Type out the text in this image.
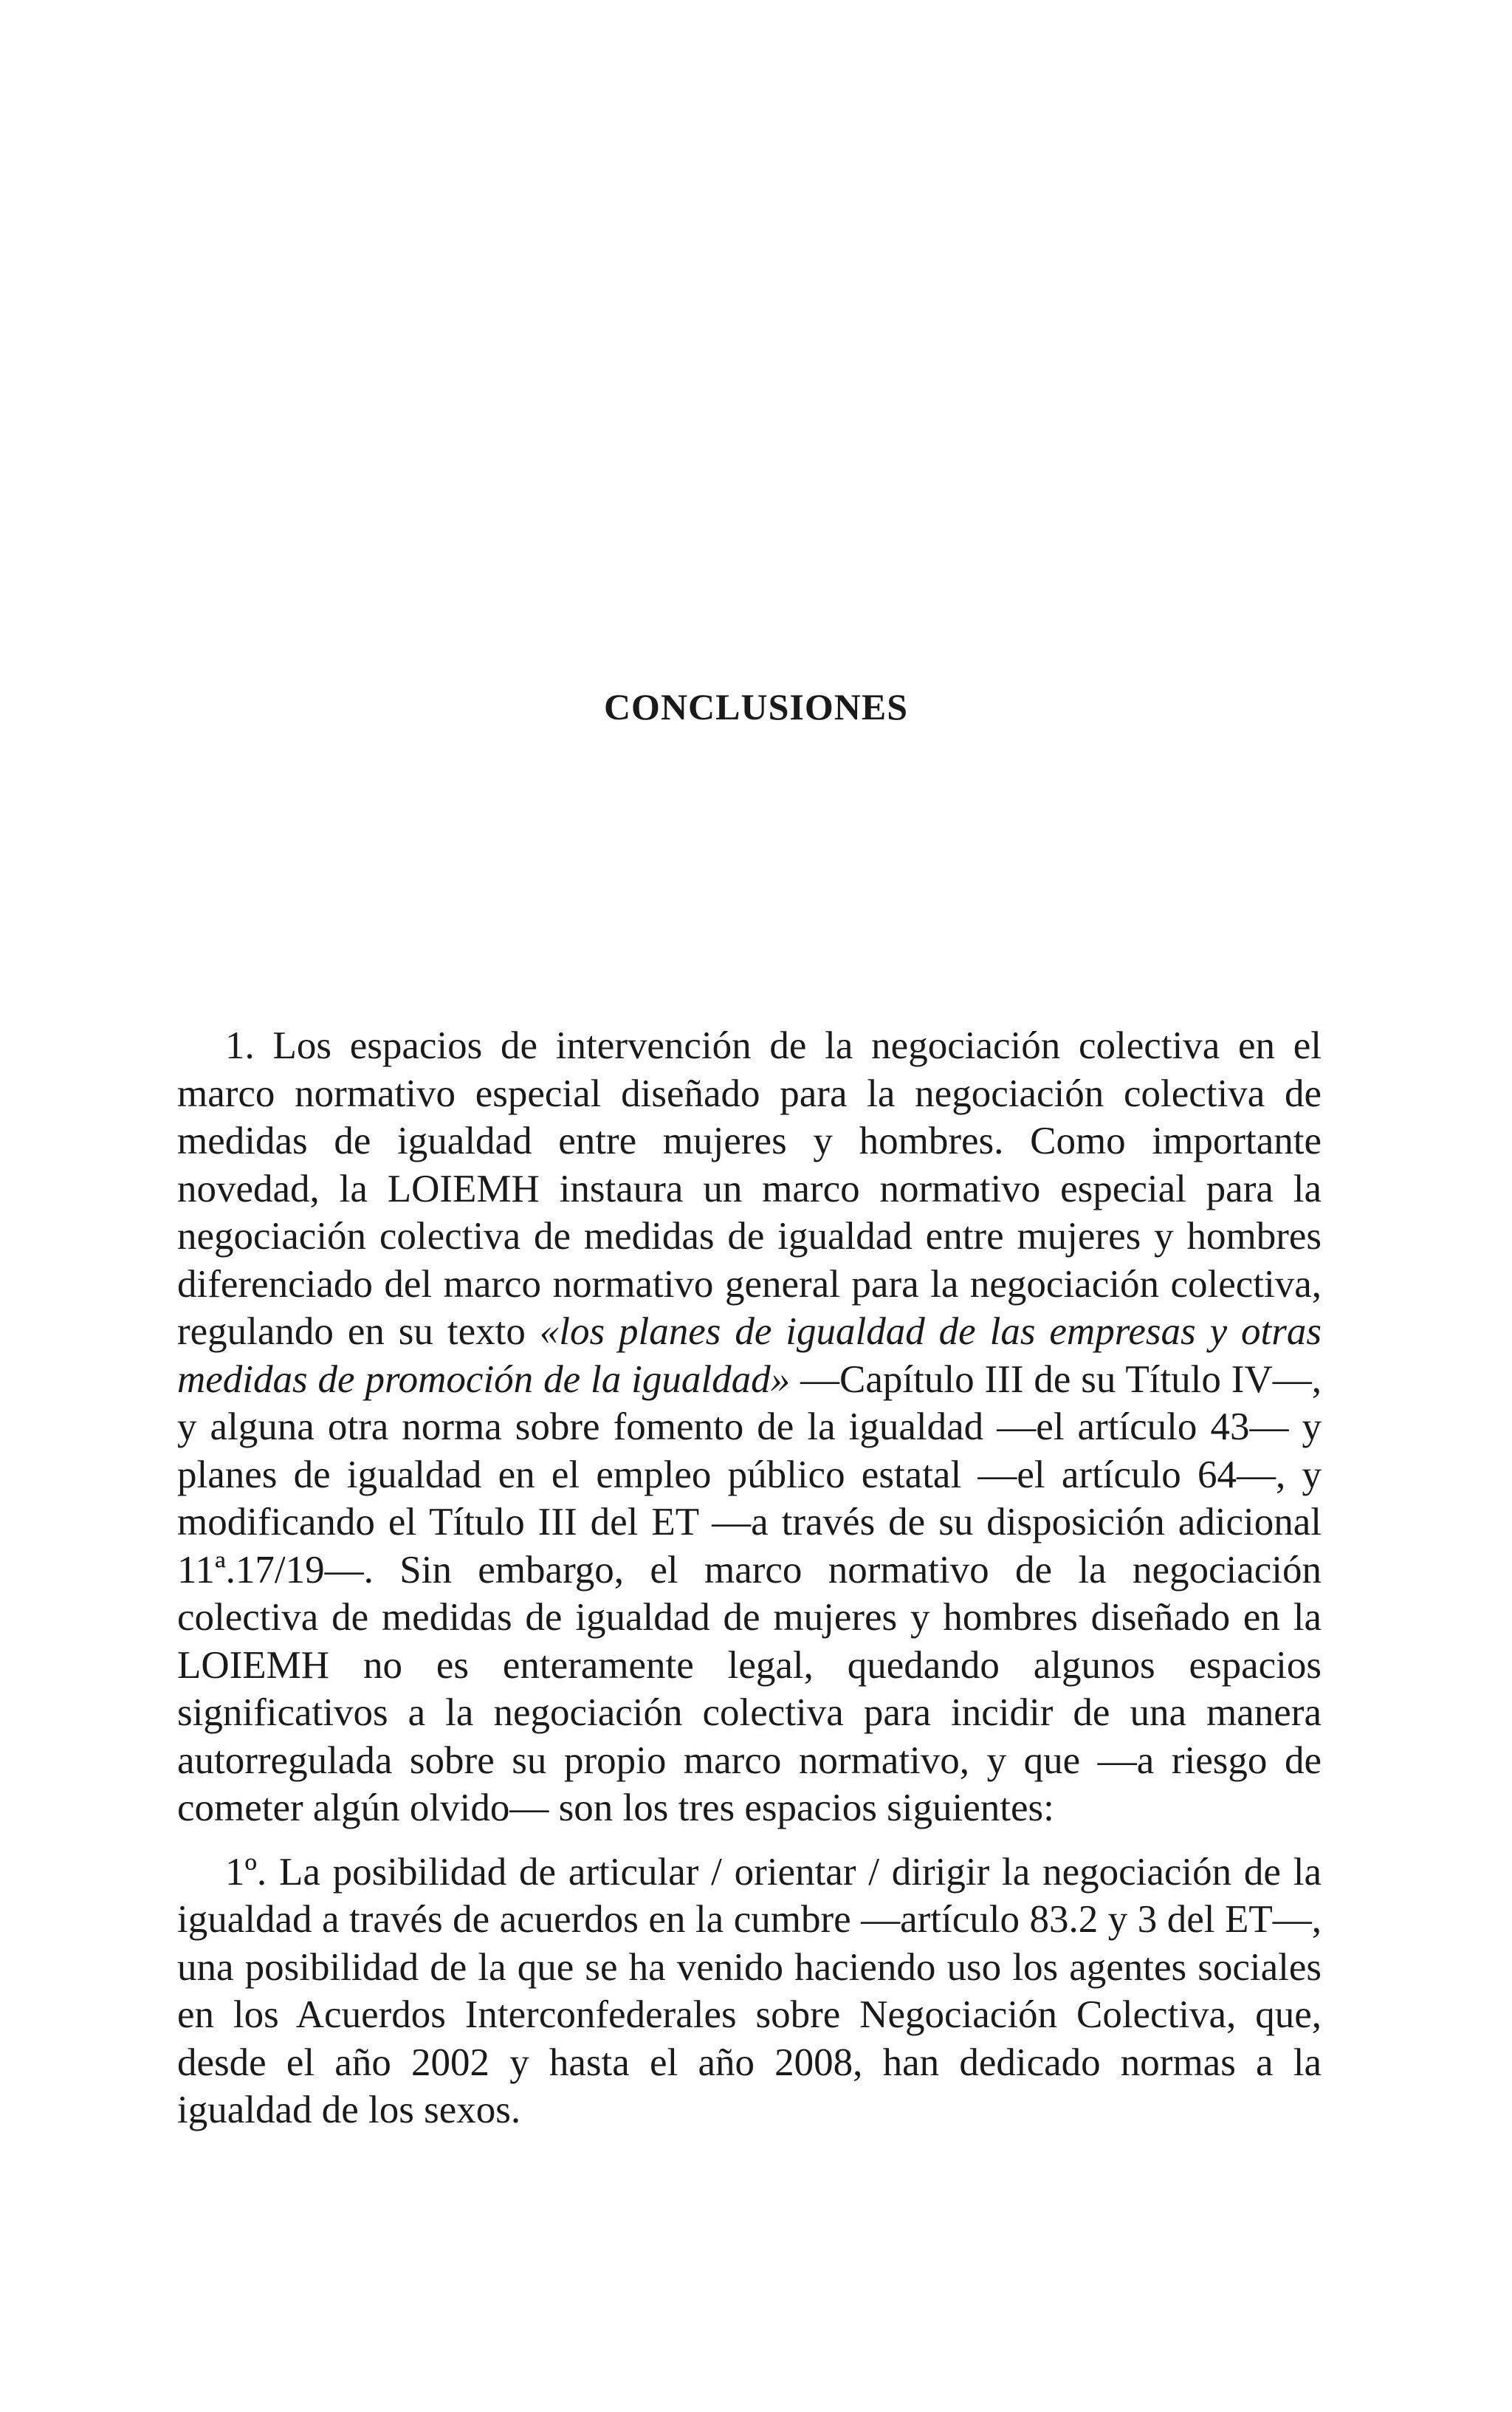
CONCLUSIONES

1. Los espacios de intervención de la negociación colectiva en el marco normativo especial diseñado para la negociación colectiva de medidas de igualdad entre mujeres y hombres. Como importante novedad, la LOIEMH instaura un marco normativo especial para la negociación colectiva de medidas de igualdad entre mujeres y hombres diferenciado del marco normativo general para la negociación colectiva, regulando en su texto «los planes de igualdad de las empresas y otras medidas de promoción de la igualdad» —Capítulo III de su Título IV—, y alguna otra norma sobre fomento de la igualdad —el artículo 43— y planes de igualdad en el empleo público estatal —el artículo 64—, y modificando el Título III del ET —a través de su disposición adicional 11ª.17/19—. Sin embargo, el marco normativo de la negociación colectiva de medidas de igualdad de mujeres y hombres diseñado en la LOIEMH no es enteramente legal, quedando algunos espacios significativos a la negociación colectiva para incidir de una manera autorregulada sobre su propio marco normativo, y que —a riesgo de cometer algún olvido— son los tres espacios siguientes:

1º. La posibilidad de articular / orientar / dirigir la negociación de la igualdad a través de acuerdos en la cumbre —artículo 83.2 y 3 del ET—, una posibilidad de la que se ha venido haciendo uso los agentes sociales en los Acuerdos Interconfederales sobre Negociación Colectiva, que, desde el año 2002 y hasta el año 2008, han dedicado normas a la igualdad de los sexos.
